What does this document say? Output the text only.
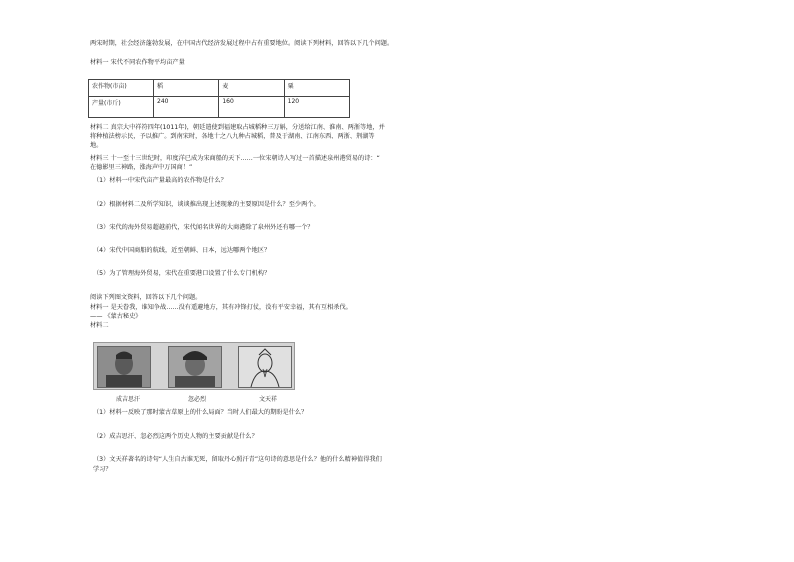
两宋时期，社会经济蓬勃发展，在中国古代经济发展过程中占有重要地位。阅读下列材料，回答以下几个问题。
材料一 宋代不同农作物平均亩产量
农作物(市亩)	稻	麦	粟
产量(市斤)	240	160	120
材料二 真宗大中祥符四年(1011年)，朝廷遣使到福建取占城稻种三万斛，分送给江南、淮南、两浙等地，并
将种植法榜示民，予以推广。到南宋时，各地十之八九种占城稻，普及于湖南、江南东西、两浙、荆湖等
地。
材料三 十一至十三世纪时，印度洋已成为宋商船的天下……一位宋朝诗人写过一首描述泉州港贸易的诗：“
在德影里三神路，涨海声中万国商！”
（1）材料一中宋代亩产量最高的农作物是什么？
（2）根据材料二及所学知识，谈谈推出现上述现象的主要原因是什么？至少两个。
（3）宋代的海外贸易超越前代，宋代闻名世界的大商港除了泉州外还有哪一个？
（4）宋代中国商船的航线，近至朝鲜、日本，远达哪两个地区？
（5）为了管理海外贸易，宋代在重要港口设置了什么专门机构？
阅读下列图文资料，回答以下几个问题。
材料一 是天眷我，谁知争战……没有遥避地方，其有冲锋打仗，没有平安幸福，其有互相杀伐。
—— 《蒙古秘史》
材料二
成吉思汗	忽必烈	文天祥
（1）材料一反映了那时蒙古草原上的什么局面？当时人们最大的期盼是什么？
（2）成吉思汗、忽必烈这两个历史人物的主要贡献是什么？
（3）文天祥著名的诗句“人生自古谁无死，留取丹心照汗青”这句诗的意思是什么？他的什么精神值得我们
学习？
